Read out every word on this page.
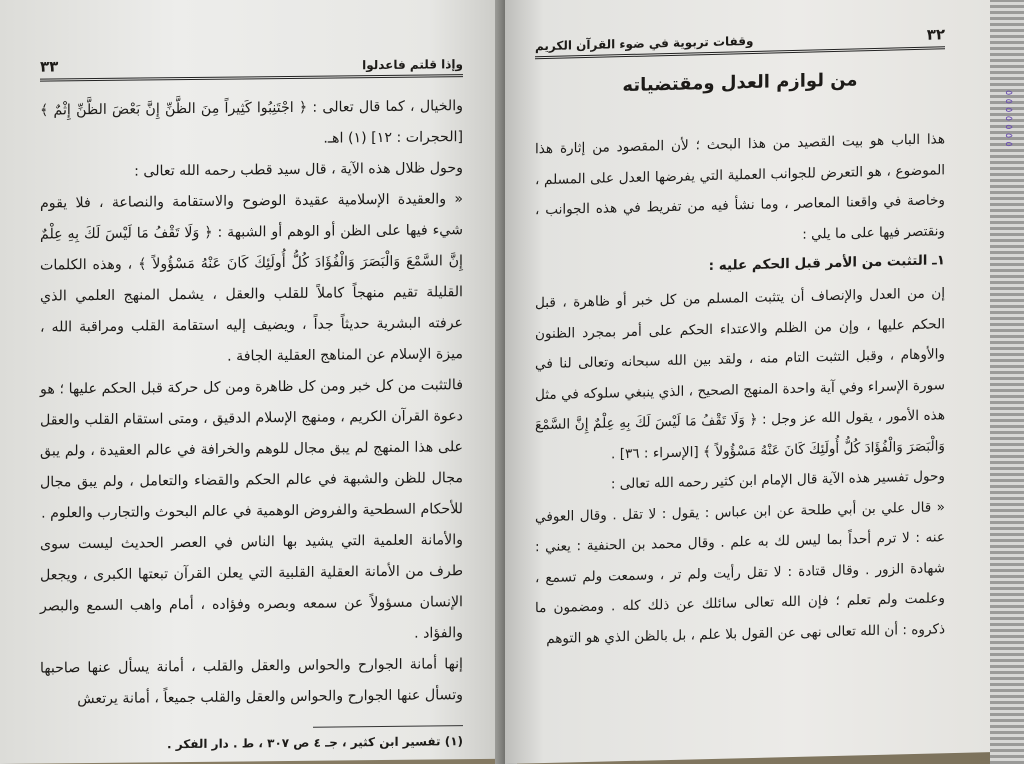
وإذا قلتم فاعدلوا
٣٣

والخيال ، كما قال تعالى : ﴿ اجْتَنِبُوا كَثِيراً مِنَ الظَّنِّ إِنَّ بَعْضَ الظَّنِّ إِثْمٌ ﴾ [الحجرات : ١٢] (١) اهـ.

وحول ظلال هذه الآية ، قال سيد قطب رحمه الله تعالى :

« والعقيدة الإسلامية عقيدة الوضوح والاستقامة والنصاعة ، فلا يقوم شيء فيها على الظن أو الوهم أو الشبهة : ﴿ وَلَا تَقْفُ مَا لَيْسَ لَكَ بِهِ عِلْمٌ إِنَّ السَّمْعَ وَالْبَصَرَ وَالْفُؤَادَ كُلُّ أُولَئِكَ كَانَ عَنْهُ مَسْؤُولاً ﴾ ، وهذه الكلمات القليلة تقيم منهجاً كاملاً للقلب والعقل ، يشمل المنهج العلمي الذي عرفته البشرية حديثاً جداً ، ويضيف إليه استقامة القلب ومراقبة الله ، ميزة الإسلام عن المناهج العقلية الجافة .

فالتثبت من كل خبر ومن كل ظاهرة ومن كل حركة قبل الحكم عليها ؛ هو دعوة القرآن الكريم ، ومنهج الإسلام الدقيق ، ومتى استقام القلب والعقل على هذا المنهج لم يبق مجال للوهم والخرافة في عالم العقيدة ، ولم يبق مجال للظن والشبهة في عالم الحكم والقضاء والتعامل ، ولم يبق مجال للأحكام السطحية والفروض الوهمية في عالم البحوث والتجارب والعلوم .

والأمانة العلمية التي يشيد بها الناس في العصر الحديث ليست سوى طرف من الأمانة العقلية القلبية التي يعلن القرآن تبعتها الكبرى ، ويجعل الإنسان مسؤولاً عن سمعه وبصره وفؤاده ، أمام واهب السمع والبصر والفؤاد .

إنها أمانة الجوارح والحواس والعقل والقلب ، أمانة يسأل عنها صاحبها وتسأل عنها الجوارح والحواس والعقل والقلب جميعاً ، أمانة يرتعش

(١) تفسير ابن كثير ، جـ ٤ ص ٣٠٧ ، ط . دار الفكر .
٣٢
وقفات تربوية في ضوء القرآن الكريم
من لوازم العدل ومقتضياته

هذا الباب هو بيت القصيد من هذا البحث ؛ لأن المقصود من إثارة هذا الموضوع ، هو التعرض للجوانب العملية التي يفرضها العدل على المسلم ، وخاصة في واقعنا المعاصر ، وما نشأ فيه من تفريط في هذه الجوانب ، ونقتصر فيها على ما يلي :

١ـ التثبت من الأمر قبل الحكم عليه :

إن من العدل والإنصاف أن يتثبت المسلم من كل خبر أو ظاهرة ، قبل الحكم عليها ، وإن من الظلم والاعتداء الحكم على أمر بمجرد الظنون والأوهام ، وقبل التثبت التام منه ، ولقد بين الله سبحانه وتعالى لنا في سورة الإسراء وفي آية واحدة المنهج الصحيح ، الذي ينبغي سلوكه في مثل هذه الأمور ، يقول الله عز وجل : ﴿ وَلَا تَقْفُ مَا لَيْسَ لَكَ بِهِ عِلْمٌ إِنَّ السَّمْعَ وَالْبَصَرَ وَالْفُؤَادَ كُلُّ أُولَئِكَ كَانَ عَنْهُ مَسْؤُولاً ﴾ [الإسراء : ٣٦] .

وحول تفسير هذه الآية قال الإمام ابن كثير رحمه الله تعالى :

« قال علي بن أبي طلحة عن ابن عباس : يقول : لا تقل . وقال العوفي عنه : لا ترم أحداً بما ليس لك به علم . وقال محمد بن الحنفية : يعني : شهادة الزور . وقال قتادة : لا تقل رأيت ولم تر ، وسمعت ولم تسمع ، وعلمت ولم تعلم ؛ فإن الله تعالى سائلك عن ذلك كله . ومضمون ما ذكروه : أن الله تعالى نهى عن القول بلا علم ، بل بالظن الذي هو التوهم

٥ ٥ ٥ ٥ ٥ ٥ ٥
